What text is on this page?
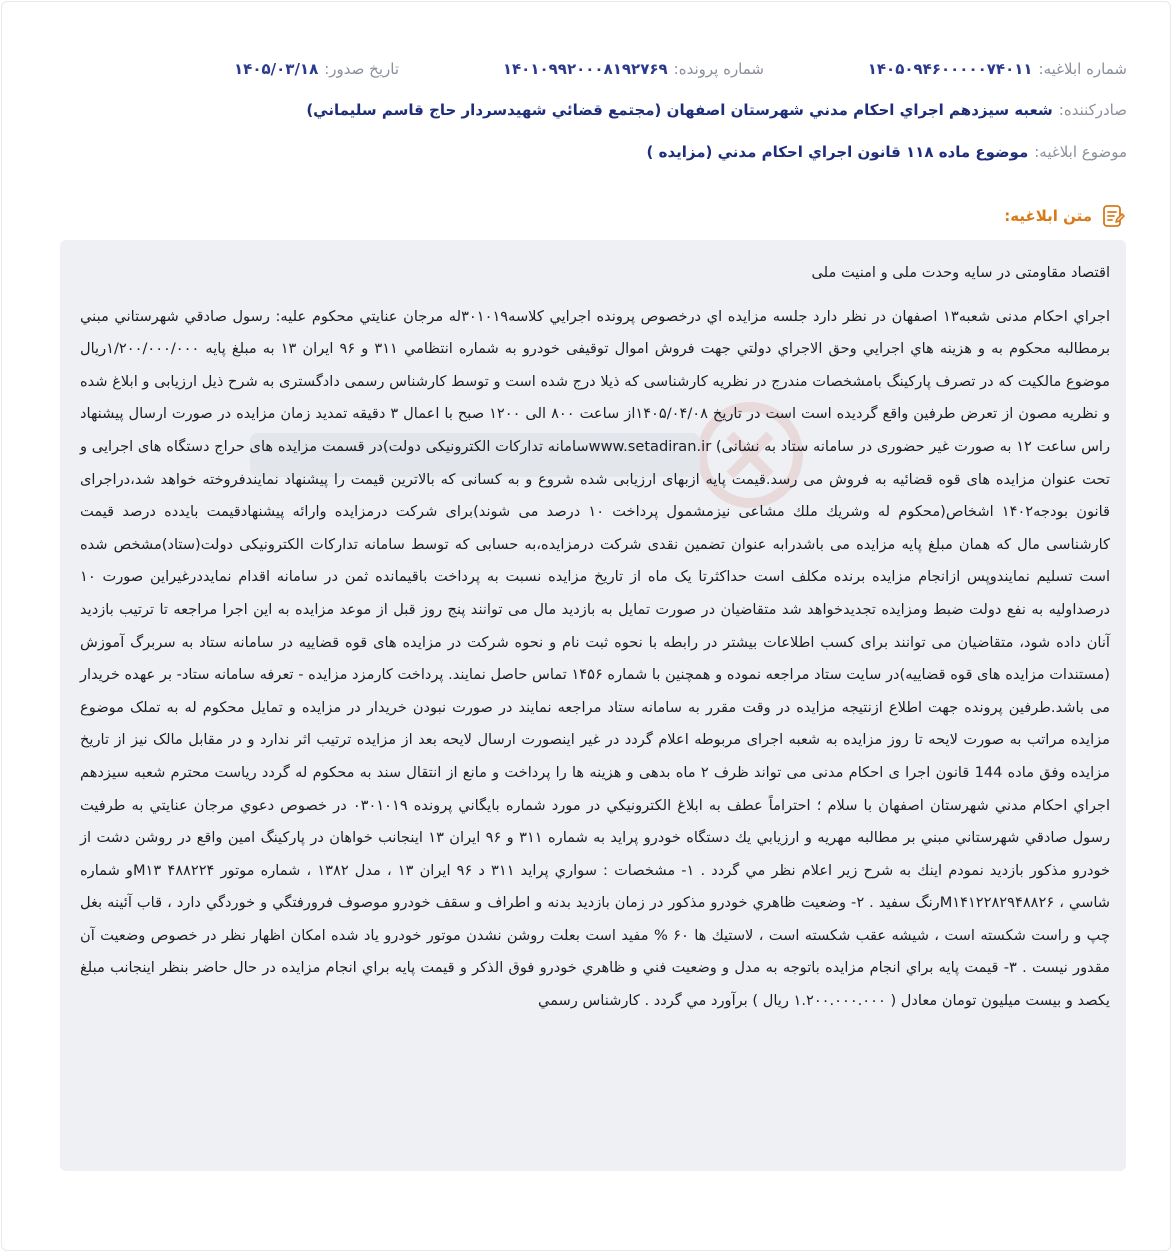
شماره ابلاغيه:
۱۴۰۵۰۹۴۶۰۰۰۰۰۷۴۰۱۱
شماره پرونده:
۱۴۰۱۰۹۹۲۰۰۰۸۱۹۲۷۶۹
تاريخ صدور:
۱۴۰۵/۰۳/۱۸
صادرکننده:
شعبه سيزدهم اجراي احکام مدني شهرستان اصفهان (مجتمع قضائي شهيدسردار حاج قاسم سليماني)
موضوع ابلاغيه:
موضوع ماده ۱۱۸ قانون اجراي احکام مدني (مزايده )
متن ابلاغيه:

اقتصاد مقاومتی در سایه وحدت ملی و امنیت ملی

اجراي احكام مدنی شعبه۱۳ اصفهان در نظر دارد جلسه مزايده اي درخصوص پرونده اجرايي كلاسه۳۰۱۰۱۹له مرجان عنايتي محكوم عليه: رسول صادقي شهرستاني مبني برمطالبه محكوم به و هزينه هاي اجرايي وحق الاجراي دولتي جهت فروش اموال توقيفی خودرو به شماره انتظامي ۳۱۱ و ۹۶ ايران ۱۳ به مبلغ پایه ۱/۲۰۰/۰۰۰/۰۰۰ريال موضوع مالكيت كه در تصرف پاركينگ بامشخصات مندرج در نظريه كارشناسی كه ذيلا درج شده است و توسط كارشناس رسمی دادگستری به شرح ذيل ارزيابی و ابلاغ شده و نظريه مصون از تعرض طرفين واقع گرديده است است در تاريخ ۱۴۰۵/۰۴/۰۸از ساعت ۸۰۰ الی ۱۲۰۰ صبح با اعمال ۳ دقیقه تمدید زمان مزایده در صورت ارسال پیشنهاد راس ساعت ۱۲ به صورت غير حضوری در سامانه ستاد به نشانی) www.setadiran.irسامانه تداركات الكترونيكی دولت)در قسمت مزايده های حراج دستگاه های اجرايی و تحت عنوان مزايده های قوه قضائيه به فروش می رسد.قيمت پايه ازبهای ارزيابی شده شروع و به كسانی كه بالاترين قيمت را پيشنهاد نمايندفروخته خواهد شد،دراجرای قانون بودجه۱۴۰۲ اشخاص(محكوم له وشريك ملك مشاعی نيزمشمول پرداخت ۱۰ درصد می شوند)برای شركت درمزايده وارائه پيشنهادقيمت بايدده درصد قيمت كارشناسی مال كه همان مبلغ پايه مزايده می باشدرابه عنوان تضمين نقدی شركت درمزايده،به حسابی كه توسط سامانه تداركات الكترونيكی دولت(ستاد)مشخص شده است تسليم نمايندوپس ازانجام مزايده برنده مكلف است حداكثرتا يک ماه از تاريخ مزايده نسبت به پرداخت باقيمانده ثمن در سامانه اقدام نمايددرغيراين صورت ۱۰ درصداوليه به نفع دولت ضبط ومزايده تجديدخواهد شد متقاضيان در صورت تمايل به بازديد مال می توانند پنج روز قبل از موعد مزايده به اين اجرا مراجعه تا ترتيب بازديد آنان داده شود، متقاضيان می توانند برای كسب اطلاعات بيشتر در رابطه با نحوه ثبت نام و نحوه شركت در مزايده های قوه قضاييه در سامانه ستاد به سربرگ آموزش (مستندات مزايده های قوه قضاييه)در سايت ستاد مراجعه نموده و همچنين با شماره ۱۴۵۶ تماس حاصل نمايند. پرداخت كارمزد مزايده - تعرفه سامانه ستاد- بر عهده خريدار می باشد.طرفين پرونده جهت اطلاع ازنتيجه مزايده در وقت مقرر به سامانه ستاد مراجعه نمايند در صورت نبودن خريدار در مزايده و تمايل محکوم له به تملک موضوع مزایده مراتب به صورت لایحه تا روز مزایده به شعبه اجرای مربوطه اعلام گردد در غیر اینصورت ارسال لایحه بعد از مزایده ترتیب اثر ندارد و در مقابل مالک نیز از تاریخ مزایده وفق ماده 144 قانون اجرا ی احکام مدنی می تواند ظرف ۲ ماه بدهی و هزینه ها را پرداخت و مانع از انتقال سند به محکوم له گردد ریاست محترم شعبه سيزدهم اجراي احكام مدني شهرستان اصفهان با سلام ؛ احتراماً عطف به ابلاغ الكترونيكي در مورد شماره بايگاني پرونده ۰۳۰۱۰۱۹ در خصوص دعوي مرجان عنايتي به طرفيت رسول صادقي شهرستاني مبني بر مطالبه مهريه و ارزيابي يك دستگاه خودرو پرايد به شماره ۳۱۱ و ۹۶ ايران ۱۳ اينجانب خواهان در پاركينگ امين واقع در روشن دشت از خودرو مذكور بازديد نمودم اينك به شرح زير اعلام نظر مي گردد . ۱- مشخصات : سواري پرايد ۳۱۱ د ۹۶ ايران ۱۳ ، مدل ۱۳۸۲ ، شماره موتور ۴۸۸۲۲۴ M۱۳و شماره شاسي ، M۱۴۱۲۲۸۲۹۴۸۸۲۶رنگ سفيد . ۲- وضعيت ظاهري خودرو مذكور در زمان بازديد بدنه و اطراف و سقف خودرو موصوف فرورفتگي و خوردگي دارد ، قاب آئينه بغل چپ و راست شكسته است ، شيشه عقب شكسته است ، لاستيك ها ۶۰ % مفيد است بعلت روشن نشدن موتور خودرو ياد شده امكان اظهار نظر در خصوص وضعيت آن مقدور نيست . ۳- قيمت پايه براي انجام مزايده باتوجه به مدل و وضعيت فني و ظاهري خودرو فوق الذكر و قيمت پايه براي انجام مزايده در حال حاضر بنظر اينجانب مبلغ يكصد و بيست ميليون تومان معادل ( ۱.۲۰۰.۰۰۰.۰۰۰ ريال ) برآورد مي گردد . كارشناس رسمي
